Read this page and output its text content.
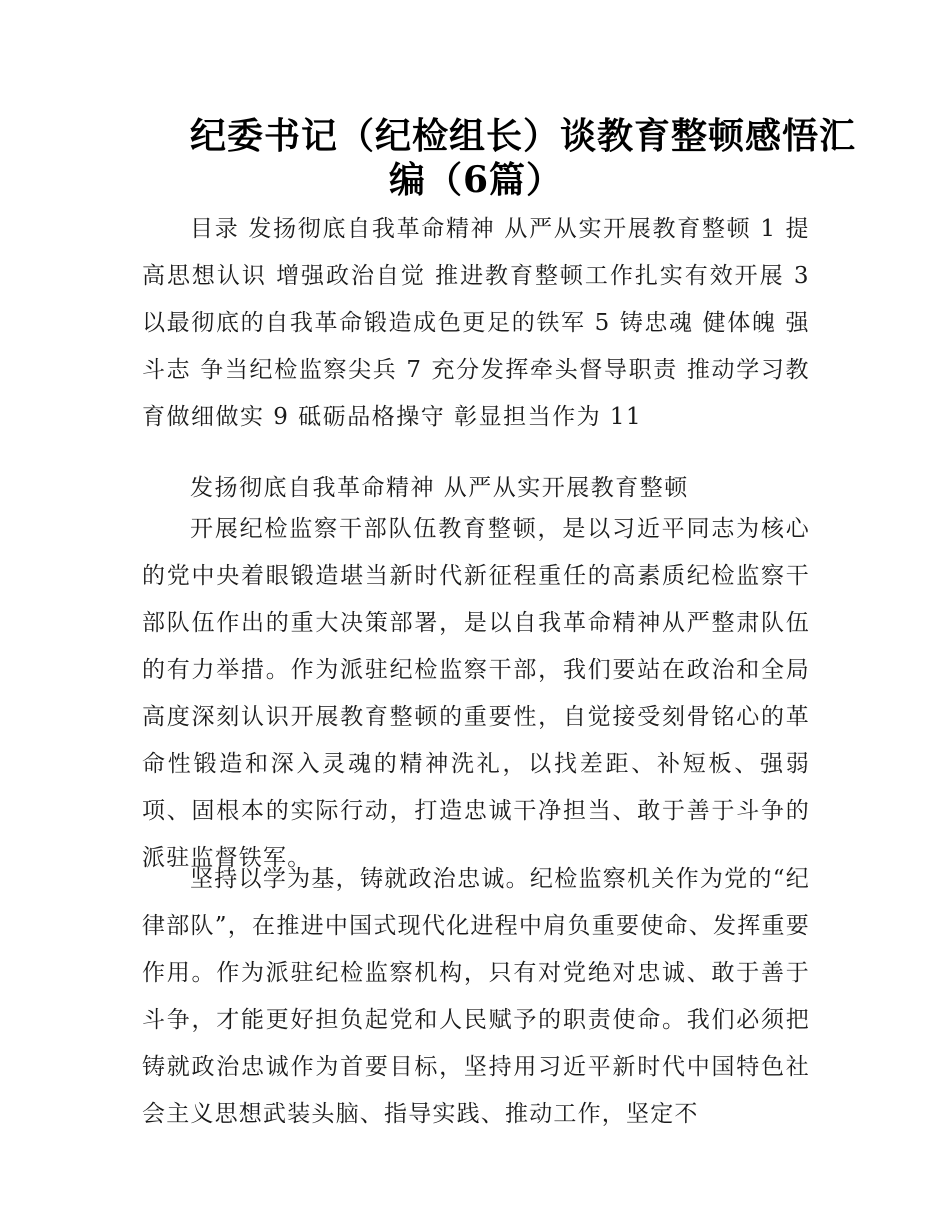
纪委书记（纪检组长）谈教育整顿感悟汇
编（6篇）
目录 发扬彻底自我革命精神 从严从实开展教育整顿 1 提高思想认识 增强政治自觉 推进教育整顿工作扎实有效开展 3 以最彻底的自我革命锻造成色更足的铁军 5 铸忠魂 健体魄 强斗志 争当纪检监察尖兵 7 充分发挥牵头督导职责 推动学习教育做细做实 9 砥砺品格操守 彰显担当作为 11
发扬彻底自我革命精神 从严从实开展教育整顿
开展纪检监察干部队伍教育整顿，是以习近平同志为核心的党中央着眼锻造堪当新时代新征程重任的高素质纪检监察干部队伍作出的重大决策部署，是以自我革命精神从严整肃队伍的有力举措。作为派驻纪检监察干部，我们要站在政治和全局高度深刻认识开展教育整顿的重要性，自觉接受刻骨铭心的革命性锻造和深入灵魂的精神洗礼，以找差距、补短板、强弱项、固根本的实际行动，打造忠诚干净担当、敢于善于斗争的派驻监督铁军。
坚持以学为基，铸就政治忠诚。纪检监察机关作为党的“纪律部队”，在推进中国式现代化进程中肩负重要使命、发挥重要作用。作为派驻纪检监察机构，只有对党绝对忠诚、敢于善于斗争，才能更好担负起党和人民赋予的职责使命。我们必须把铸就政治忠诚作为首要目标，坚持用习近平新时代中国特色社会主义思想武装头脑、指导实践、推动工作，坚定不
